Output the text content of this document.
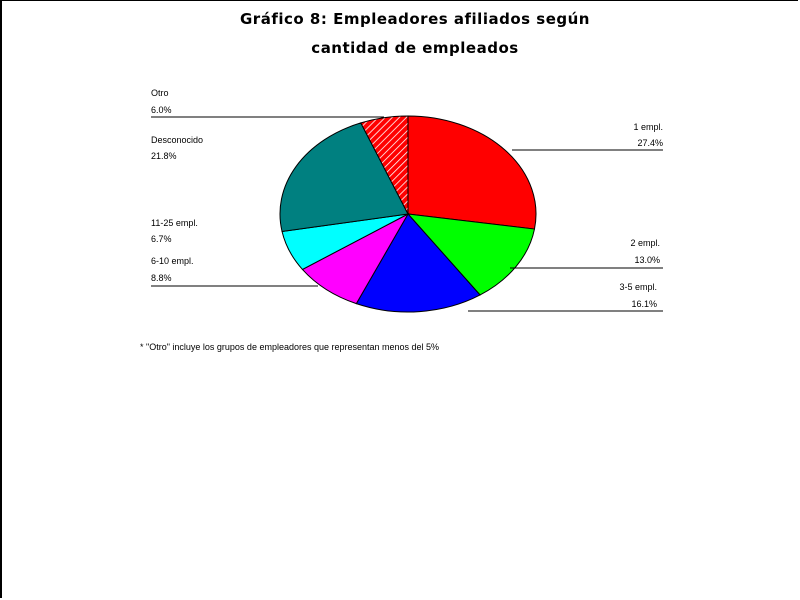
Gráfico 8: Empleadores afiliados según
cantidad de empleados
1 empl.
27.4%
2 empl.
13.0%
3-5 empl.
16.1%
6-10 empl.
8.8%
11-25 empl.
6.7%
Desconocido
21.8%
Otro
6.0%
* "Otro" incluye los grupos de empleadores que representan menos del 5%
